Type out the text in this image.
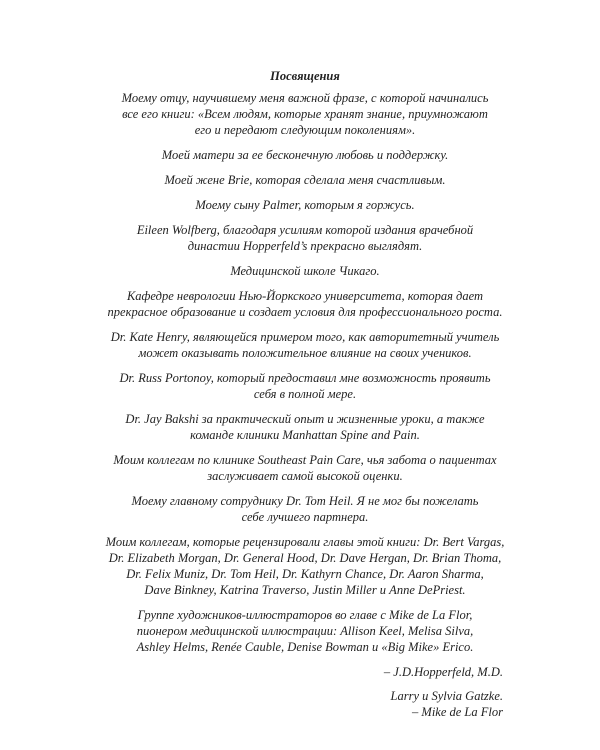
Посвящения
Моему отцу, научившему меня важной фразе, с которой начинались
все его книги: «Всем людям, которые хранят знание, приумножают
его и передают следующим поколениям».
Моей матери за ее бесконечную любовь и поддержку.
Моей жене Brie, которая сделала меня счастливым.
Моему сыну Palmer, которым я горжусь.
Eileen Wolfberg, благодаря усилиям которой издания врачебной
династии Hopperfeld’s прекрасно выглядят.
Медицинской школе Чикаго.
Кафедре неврологии Нью-Йоркского университета, которая дает
прекрасное образование и создает условия для профессионального роста.
Dr. Kate Henry, являющейся примером того, как авторитетный учитель
может оказывать положительное влияние на своих учеников.
Dr. Russ Portonoy, который предоставил мне возможность проявить
себя в полной мере.
Dr. Jay Bakshi за практический опыт и жизненные уроки, а также
команде клиники Manhattan Spine and Pain.
Моим коллегам по клинике Southeast Pain Care, чья забота о пациентах
заслуживает самой высокой оценки.
Моему главному сотруднику Dr. Tom Heil. Я не мог бы пожелать
себе лучшего партнера.
Моим коллегам, которые рецензировали главы этой книги: Dr. Bert Vargas,
Dr. Elizabeth Morgan, Dr. General Hood, Dr. Dave Hergan, Dr. Brian Thoma,
Dr. Felix Muniz, Dr. Tom Heil, Dr. Kathyrn Chance, Dr. Aaron Sharma,
Dave Binkney, Katrina Traverso, Justin Miller и Anne DePriest.
Группе художников-иллюстраторов во главе с Mike de La Flor,
пионером медицинской иллюстрации: Allison Keel, Melisa Silva,
Ashley Helms, Renée Cauble, Denise Bowman и «Big Mike» Erico.
– J.D.Hopperfeld, M.D.
Larry и Sylvia Gatzke.
– Mike de La Flor
